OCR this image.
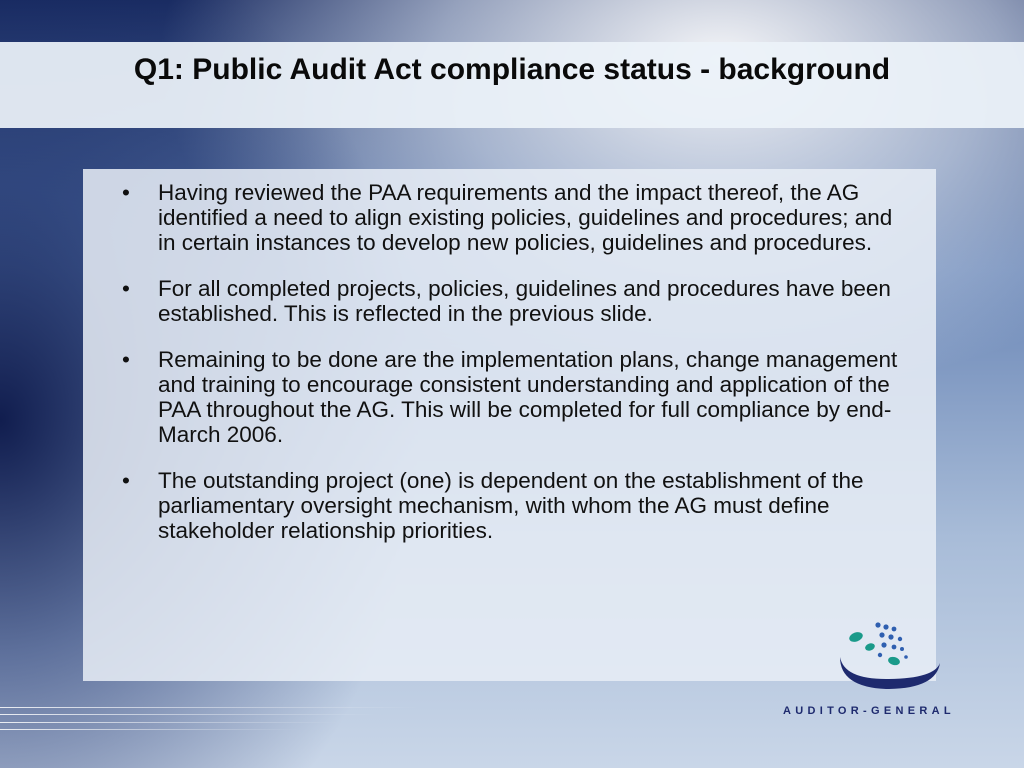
Q1: Public Audit Act compliance status - background
• Having reviewed the PAA requirements and the impact thereof, the AG identified a need to align existing policies, guidelines and procedures; and in certain instances to develop new policies, guidelines and procedures.
• For all completed projects, policies, guidelines and procedures have been established. This is reflected in the previous slide.
• Remaining to be done are the implementation plans, change management and training to encourage consistent understanding and application of the PAA throughout the AG. This will be completed for full compliance by end-March 2006.
• The outstanding project (one) is dependent on the establishment of the parliamentary oversight mechanism, with whom the AG must define stakeholder relationship priorities.
AUDITOR-GENERAL
